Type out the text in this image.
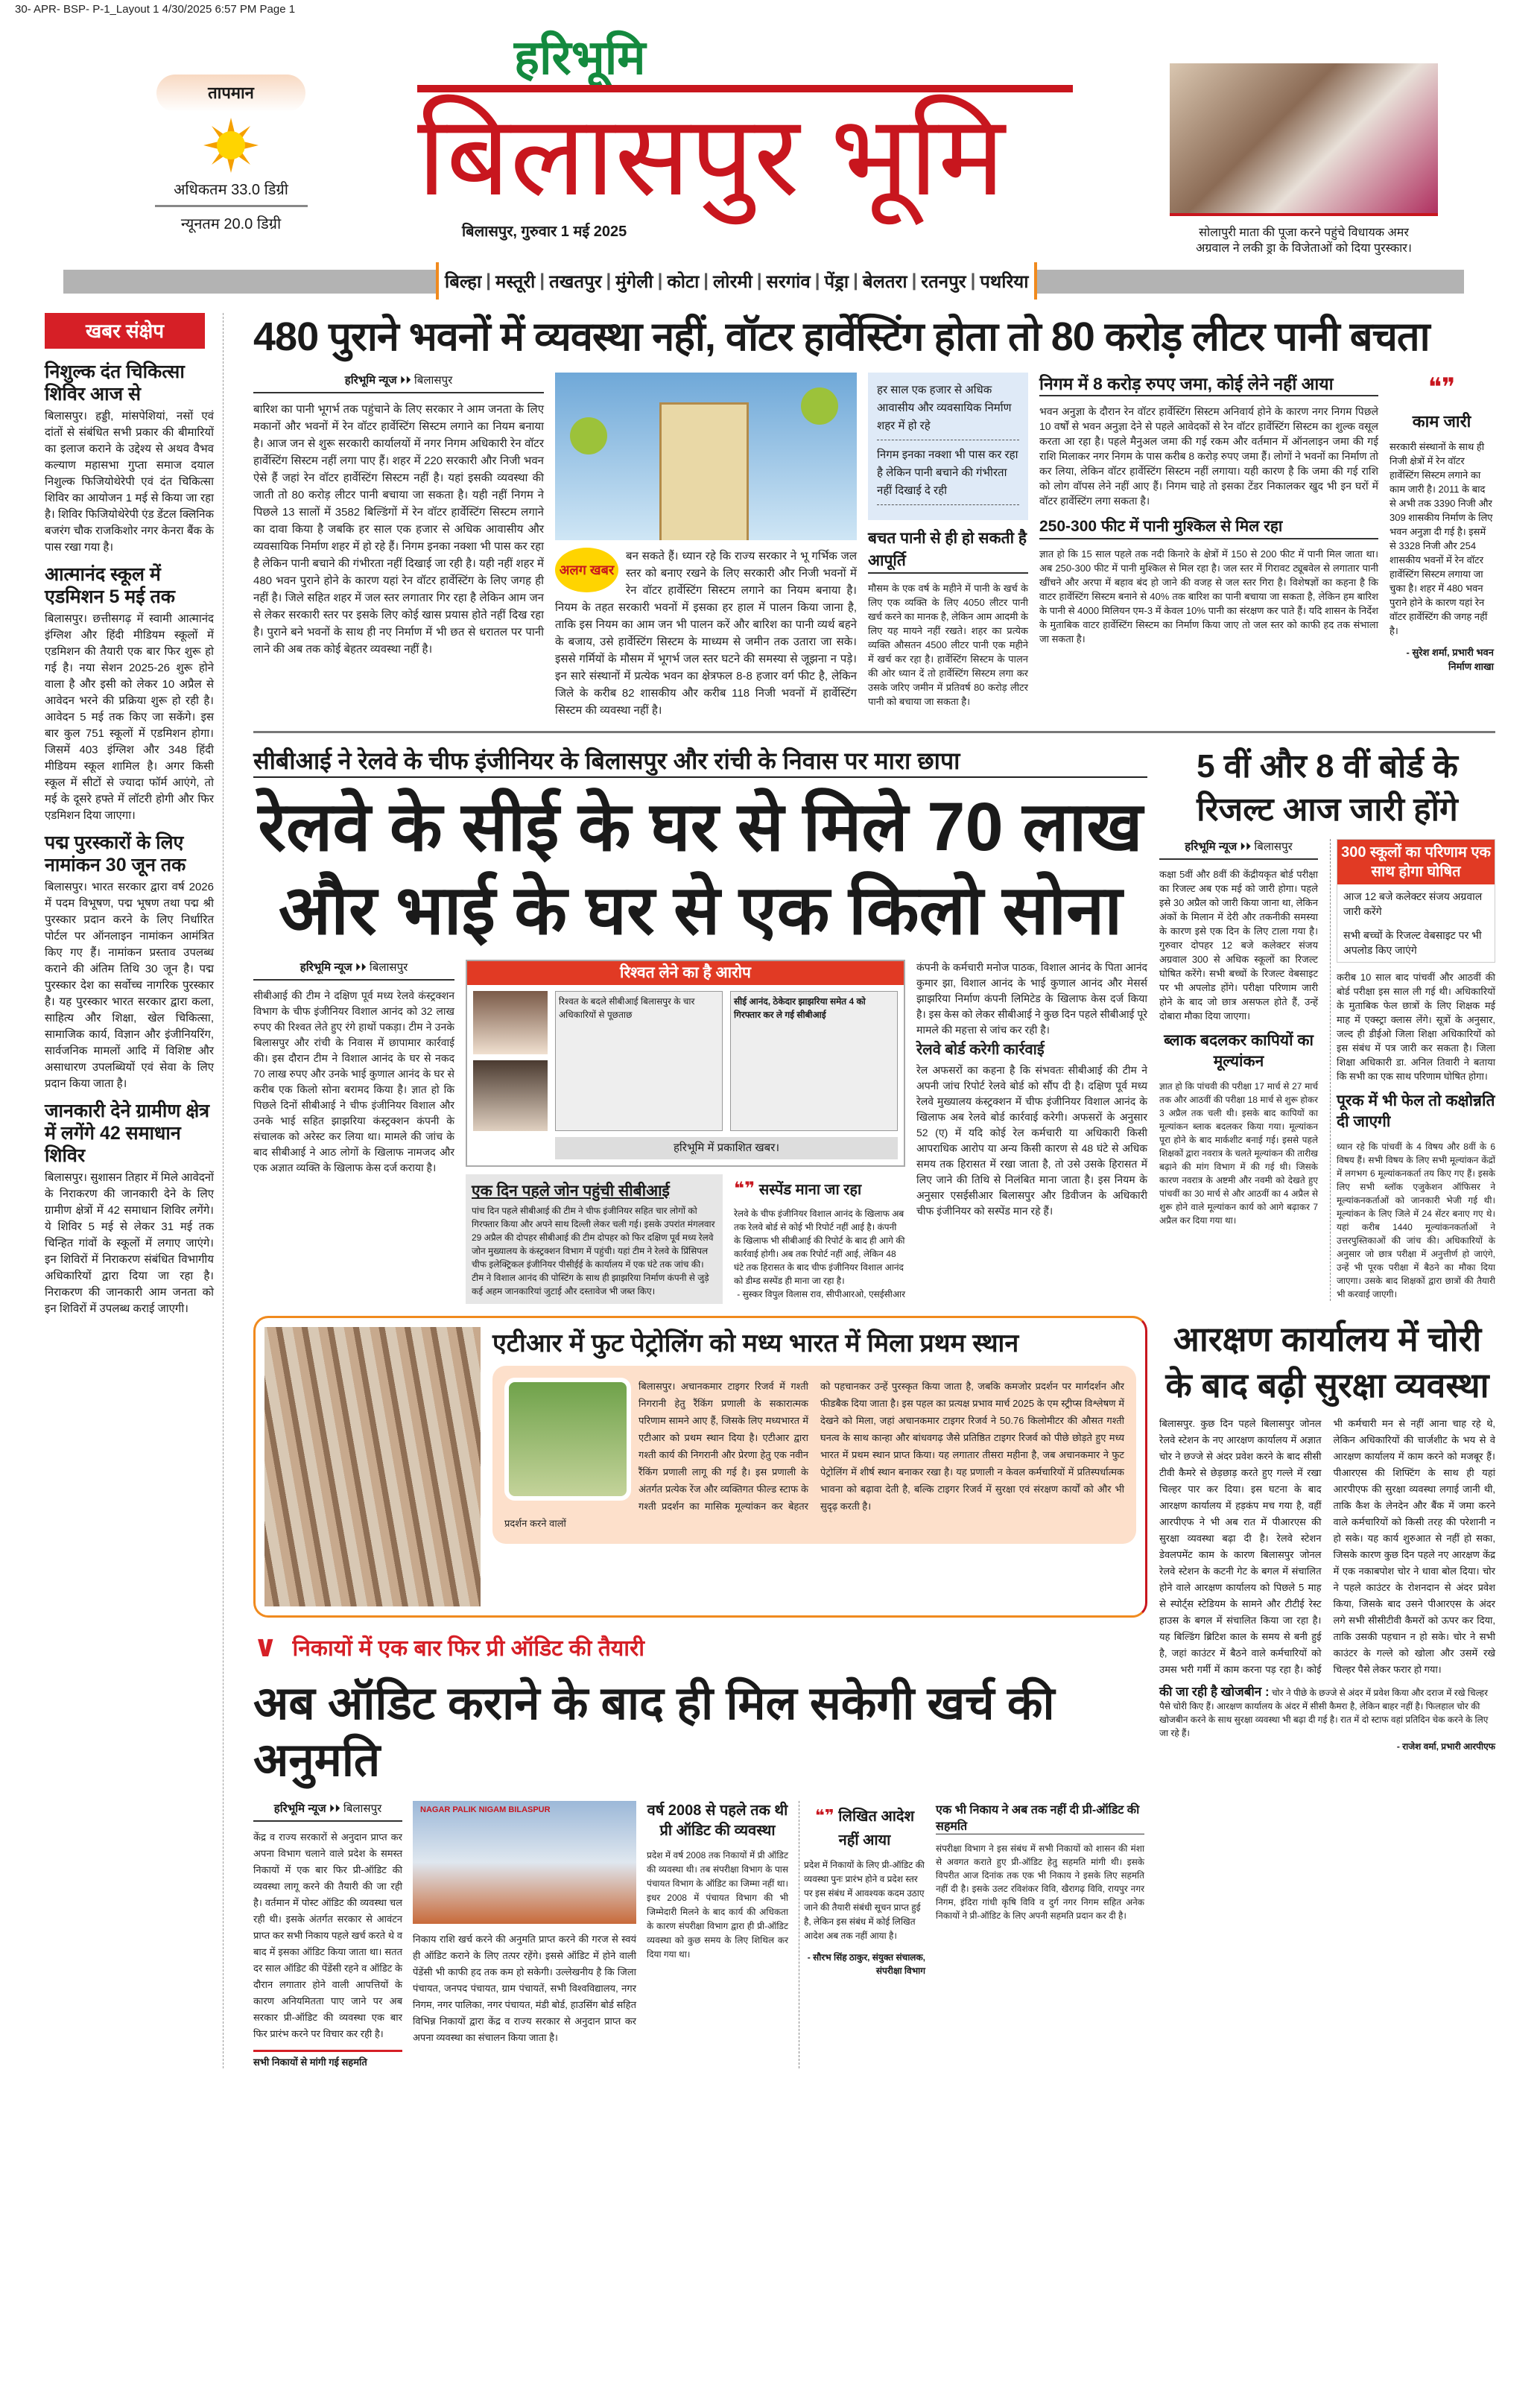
30- APR- BSP- P-1_Layout 1 4/30/2025 6:57 PM Page 1
तापमान
अधिकतम 33.0 डिग्री
न्यूनतम 20.0 डिग्री
हरिभूमि
बिलासपुर भूमि
बिलासपुर, गुरुवार 1 मई 2025	सोलापुरी माता की पूजा करने पहुंचे विधायक अमर अग्रवाल ने लकी ड्रा के विजेताओं को दिया पुरस्कार।
बिल्हा | मस्तूरी | तखतपुर | मुंगेली | कोटा | लोरमी | सरगांव | पेंड्रा | बेलतरा | रतनपुर | पथरिया
खबर संक्षेप
निशुल्क दंत चिकित्सा शिविर आज से

बिलासपुर। हड्डी, मांसपेशियां, नसों एवं दांतों से संबंधित सभी प्रकार की बीमारियों का इलाज कराने के उद्देश्य से अथव वैभव कल्याण महासभा गुप्ता समाज दयाल निशुल्क फिजियोथेरेपी एवं दंत चिकित्सा शिविर का आयोजन 1 मई से किया जा रहा है। शिविर फिजियोथेरेपी एंड डेंटल क्लिनिक बजरंग चौक राजकिशोर नगर केनरा बैंक के पास रखा गया है।

आत्मानंद स्कूल में एडमिशन 5 मई तक

बिलासपुर। छत्तीसगढ़ में स्वामी आत्मानंद इंग्लिश और हिंदी मीडियम स्कूलों में एडमिशन की तैयारी एक बार फिर शुरू हो गई है। नया सेशन 2025-26 शुरू होने वाला है और इसी को लेकर 10 अप्रैल से आवेदन भरने की प्रक्रिया शुरू हो रही है। आवेदन 5 मई तक किए जा सकेंगे। इस बार कुल 751 स्कूलों में एडमिशन होगा। जिसमें 403 इंग्लिश और 348 हिंदी मीडियम स्कूल शामिल है। अगर किसी स्कूल में सीटों से ज्यादा फॉर्म आएंगे, तो मई के दूसरे हफ्ते में लॉटरी होगी और फिर एडमिशन दिया जाएगा।

पद्म पुरस्कारों के लिए नामांकन 30 जून तक

बिलासपुर। भारत सरकार द्वारा वर्ष 2026 में पदम विभूषण, पद्म भूषण तथा पद्म श्री पुरस्कार प्रदान करने के लिए निर्धारित पोर्टल पर ऑनलाइन नामांकन आमंत्रित किए गए हैं। नामांकन प्रस्ताव उपलब्ध कराने की अंतिम तिथि 30 जून है। पद्म पुरस्कार देश का सर्वोच्च नागरिक पुरस्कार है। यह पुरस्कार भारत सरकार द्वारा कला, साहित्य और शिक्षा, खेल चिकित्सा, सामाजिक कार्य, विज्ञान और इंजीनियरिंग, सार्वजनिक मामलों आदि में विशिष्ट और असाधारण उपलब्धियों एवं सेवा के लिए प्रदान किया जाता है।

जानकारी देने ग्रामीण क्षेत्र में लगेंगे 42 समाधान शिविर

बिलासपुर। सुशासन तिहार में मिले आवेदनों के निराकरण की जानकारी देने के लिए ग्रामीण क्षेत्रों में 42 समाधान शिविर लगेंगे। ये शिविर 5 मई से लेकर 31 मई तक चिन्हित गांवों के स्कूलों में लगाए जाएंगे। इन शिविरों में निराकरण संबंधित विभागीय अधिकारियों द्वारा दिया जा रहा है। निराकरण की जानकारी आम जनता को इन शिविरों में उपलब्ध कराई जाएगी।

480 पुराने भवनों में व्यवस्था नहीं, वॉटर हार्वेस्टिंग होता तो 80 करोड़ लीटर पानी बचता
हरिभूमि न्यूज ⏵⏵ बिलासपुर
बारिश का पानी भूगर्भ तक पहुंचाने के लिए सरकार ने आम जनता के लिए मकानों और भवनों में रेन वॉटर हार्वेस्टिंग सिस्टम लगाने का नियम बनाया है। आज जन से शुरू सरकारी कार्यालयों में नगर निगम अधिकारी रेन वॉटर हार्वेस्टिंग सिस्टम नहीं लगा पाए हैं। शहर में 220 सरकारी और निजी भवन ऐसे हैं जहां रेन वॉटर हार्वेस्टिंग सिस्टम नहीं है। यहां इसकी व्यवस्था की जाती तो 80 करोड़ लीटर पानी बचाया जा सकता है। यही नहीं निगम ने पिछले 13 सालों में 3582 बिल्डिंगों में रेन वॉटर हार्वेस्टिंग सिस्टम लगाने का दावा किया है जबकि हर साल एक हजार से अधिक आवासीय और व्यवसायिक निर्माण शहर में हो रहे हैं। निगम इनका नक्शा भी पास कर रहा है लेकिन पानी बचाने की गंभीरता नहीं दिखाई जा रही है। यही नहीं शहर में 480 भवन पुराने होने के कारण यहां रेन वॉटर हार्वेस्टिंग के लिए जगह ही नहीं है। जिले सहित शहर में जल स्तर लगातार गिर रहा है लेकिन आम जन से लेकर सरकारी स्तर पर इसके लिए कोई खास प्रयास होते नहीं दिख रहा है। पुराने बने भवनों के साथ ही नए निर्माण में भी छत से धरातल पर पानी लाने की अब तक कोई बेहतर व्यवस्था नहीं है।
अलग खबर
बन सकते हैं। ध्यान रहे कि राज्य सरकार ने भू गर्भिक जल स्तर को बनाए रखने के लिए सरकारी और निजी भवनों में रेन वॉटर हार्वेस्टिंग सिस्टम लगाने का नियम बनाया है। नियम के तहत सरकारी भवनों में इसका हर हाल में पालन किया जाना है, ताकि इस नियम का आम जन भी पालन करें और बारिश का पानी व्यर्थ बहने के बजाय, उसे हार्वेस्टिंग सिस्टम के माध्यम से जमीन तक उतारा जा सके। इससे गर्मियों के मौसम में भूगर्भ जल स्तर घटने की समस्या से जूझना न पड़े। इन सारे संस्थानों में प्रत्येक भवन का क्षेत्रफल 8-8 हजार वर्ग फीट है, लेकिन जिले के करीब 82 शासकीय और करीब 118 निजी भवनों में हार्वेस्टिंग सिस्टम की व्यवस्था नहीं है।
हर साल एक हजार से अधिक आवासीय और व्यवसायिक निर्माण शहर में हो रहे
निगम इनका नक्शा भी पास कर रहा है लेकिन पानी बचाने की गंभीरता नहीं दिखाई दे रही
बचत पानी से ही हो सकती है आपूर्ति
मौसम के एक वर्ष के महीने में पानी के खर्च के लिए एक व्यक्ति के लिए 4050 लीटर पानी खर्च करने का मानक है, लेकिन आम आदमी के लिए यह मायने नहीं रखते। शहर का प्रत्येक व्यक्ति औसतन 4500 लीटर पानी एक महीने में खर्च कर रहा है। हार्वेस्टिंग सिस्टम के पालन की ओर ध्यान दें तो हार्वेस्टिंग सिस्टम लगा कर उसके जरिए जमीन में प्रतिवर्ष 80 करोड़ लीटर पानी को बचाया जा सकता है।
निगम में 8 करोड़ रुपए जमा, कोई लेने नहीं आया
भवन अनुज्ञा के दौरान रेन वॉटर हार्वेस्टिंग सिस्टम अनिवार्य होने के कारण नगर निगम पिछले 10 वर्षों से भवन अनुज्ञा देने से पहले आवेदकों से रेन वॉटर हार्वेस्टिंग सिस्टम का शुल्क वसूल करता आ रहा है। पहले मैनुअल जमा की गई रकम और वर्तमान में ऑनलाइन जमा की गई राशि मिलाकर नगर निगम के पास करीब 8 करोड़ रुपए जमा हैं। लोगों ने भवनों का निर्माण तो कर लिया, लेकिन वॉटर हार्वेस्टिंग सिस्टम नहीं लगाया। यही कारण है कि जमा की गई राशि को लोग वॉपस लेने नहीं आए हैं। निगम चाहे तो इसका टेंडर निकालकर खुद भी इन घरों में वॉटर हार्वेस्टिंग लगा सकता है।
250-300 फीट में पानी मुश्किल से मिल रहा
ज्ञात हो कि 15 साल पहले तक नदी किनारे के क्षेत्रों में 150 से 200 फीट में पानी मिल जाता था। अब 250-300 फीट में पानी मुश्किल से मिल रहा है। जल स्तर में गिरावट ट्यूबवेल से लगातार पानी खींचने और अरपा में बहाव बंद हो जाने की वजह से जल स्तर गिरा है। विशेषज्ञों का कहना है कि वाटर हार्वेस्टिंग सिस्टम बनाने से 40% तक बारिश का पानी बचाया जा सकता है, लेकिन हम बारिश के पानी से 4000 मिलियन एम-3 में केवल 10% पानी का संरक्षण कर पाते हैं। यदि शासन के निर्देश के मुताबिक वाटर हार्वेस्टिंग सिस्टम का निर्माण किया जाए तो जल स्तर को काफी हद तक संभाला जा सकता है।
❝❞
काम जारी

सरकारी संस्थानों के साथ ही निजी क्षेत्रों में रेन वॉटर हार्वेस्टिंग सिस्टम लगाने का काम जारी है। 2011 के बाद से अभी तक 3390 निजी और 309 शासकीय निर्माण के लिए भवन अनुज्ञा दी गई है। इसमें से 3328 निजी और 254 शासकीय भवनों में रेन वॉटर हार्वेस्टिंग सिस्टम लगाया जा चुका है। शहर में 480 भवन पुराने होने के कारण यहां रेन वॉटर हार्वेस्टिंग की जगह नहीं है।

- सुरेश शर्मा, प्रभारी भवन निर्माण शाखा

सीबीआई ने रेलवे के चीफ इंजीनियर के बिलासपुर और रांची के निवास पर मारा छापा
रेलवे के सीई के घर से मिले 70 लाख
और भाई के घर से एक किलो सोना
हरिभूमि न्यूज ⏵⏵ बिलासपुर
सीबीआई की टीम ने दक्षिण पूर्व मध्य रेलवे कंस्ट्रक्शन विभाग के चीफ इंजीनियर विशाल आनंद को 32 लाख रुपए की रिश्वत लेते हुए रंगे हाथों पकड़ा। टीम ने उनके बिलासपुर और रांची के निवास में छापामार कार्रवाई की। इस दौरान टीम ने विशाल आनंद के घर से नकद 70 लाख रुपए और उनके भाई कुणाल आनंद के घर से करीब एक किलो सोना बरामद किया है। ज्ञात हो कि पिछले दिनों सीबीआई ने चीफ इंजीनियर विशाल और उनके भाई सहित झाझरिया कंस्ट्रक्शन कंपनी के संचालक को अरेस्ट कर लिया था। मामले की जांच के बाद सीबीआई ने आठ लोगों के खिलाफ नामजद और एक अज्ञात व्यक्ति के खिलाफ केस दर्ज कराया है।
रिश्वत लेने का है आरोप
रिश्वत के बदले सीबीआई बिलासपुर के चार अधिकारियों से पूछताछ
सीई आनंद, ठेकेदार झाझरिया समेत 4 को गिरफ्तार कर ले गई सीबीआई
हरिभूमि में प्रकाशित खबर।
एक दिन पहले जोन पहुंची सीबीआई

पांच दिन पहले सीबीआई की टीम ने चीफ इंजीनियर सहित चार लोगों को गिरफ्तार किया और अपने साथ दिल्ली लेकर चली गई। इसके उपरांत मंगलवार 29 अप्रैल की दोपहर सीबीआई की टीम दोपहर को फिर दक्षिण पूर्व मध्य रेलवे जोन मुख्यालय के कंस्ट्रक्शन विभाग में पहुंची। यहां टीम ने रेलवे के प्रिंसिपल चीफ इलेक्ट्रिकल इंजीनियर पीसीईई के कार्यालय में एक घंटे तक जांच की। टीम ने विशाल आनंद की पोस्टिंग के साथ ही झाझरिया निर्माण कंपनी से जुड़े कई अहम जानकारियां जुटाई और दस्तावेज भी जब्त किए।

❝❞ सस्पेंड माना जा रहा

रेलवे के चीफ इंजीनियर विशाल आनंद के खिलाफ अब तक रेलवे बोर्ड से कोई भी रिपोर्ट नहीं आई है। कंपनी के खिलाफ भी सीबीआई की रिपोर्ट के बाद ही आगे की कार्रवाई होगी। अब तक रिपोर्ट नहीं आई, लेकिन 48 घंटे तक हिरासत के बाद चीफ इंजीनियर विशाल आनंद को डीम्ड सस्पेंड ही माना जा रहा है।

- सुस्कर विपुल विलास राव, सीपीआरओ, एसईसीआर

कंपनी के कर्मचारी मनोज पाठक, विशाल आनंद के पिता आनंद कुमार झा, विशाल आनंद के भाई कुणाल आनंद और मेसर्स झाझरिया निर्माण कंपनी लिमिटेड के खिलाफ केस दर्ज किया है। इस केस को लेकर सीबीआई ने कुछ दिन पहले सीबीआई पूरे मामले की महत्ता से जांच कर रही है।

रेलवे बोर्ड करेगी कार्रवाई

रेल अफसरों का कहना है कि संभवतः सीबीआई की टीम ने अपनी जांच रिपोर्ट रेलवे बोर्ड को सौंप दी है। दक्षिण पूर्व मध्य रेलवे मुख्यालय कंस्ट्रक्शन में चीफ इंजीनियर विशाल आनंद के खिलाफ अब रेलवे बोर्ड कार्रवाई करेगी। अफसरों के अनुसार 52 (ए) में यदि कोई रेल कर्मचारी या अधिकारी किसी आपराधिक आरोप या अन्य किसी कारण से 48 घंटे से अधिक समय तक हिरासत में रखा जाता है, तो उसे उसके हिरासत में लिए जाने की तिथि से निलंबित माना जाता है। इस नियम के अनुसार एसईसीआर बिलासपुर और डिवीजन के अधिकारी चीफ इंजीनियर को सस्पेंड मान रहे हैं।

5 वीं और 8 वीं बोर्ड के रिजल्ट आज जारी होंगे
हरिभूमि न्यूज ⏵⏵ बिलासपुर
कक्षा 5वीं और 8वीं की केंद्रीयकृत बोर्ड परीक्षा का रिजल्ट अब एक मई को जारी होगा। पहले इसे 30 अप्रैल को जारी किया जाना था, लेकिन अंकों के मिलान में देरी और तकनीकी समस्या के कारण इसे एक दिन के लिए टाला गया है। गुरुवार दोपहर 12 बजे कलेक्टर संजय अग्रवाल 300 से अधिक स्कूलों का रिजल्ट घोषित करेंगे। सभी बच्चों के रिजल्ट वेबसाइट पर भी अपलोड होंगे। परीक्षा परिणाम जारी होने के बाद जो छात्र असफल होते हैं, उन्हें दोबारा मौका दिया जाएगा।
ब्लाक बदलकर कापियों का मूल्यांकन
ज्ञात हो कि पांचवी की परीक्षा 17 मार्च से 27 मार्च तक और आठवीं की परीक्षा 18 मार्च से शुरू होकर 3 अप्रैल तक चली थी। इसके बाद कापियों का मूल्यांकन ब्लाक बदलकर किया गया। मूल्यांकन पूरा होने के बाद मार्कशीट बनाई गई। इससे पहले शिक्षकों द्वारा नवरात्र के चलते मूल्यांकन की तारीख बढ़ाने की मांग विभाग में की गई थी। जिसके कारण नवरात्र के अष्टमी और नवमी को देखते हुए पांचवीं का 30 मार्च से और आठवीं का 4 अप्रैल से शुरू होने वाले मूल्यांकन कार्य को आगे बढ़ाकर 7 अप्रैल कर दिया गया था।
300 स्कूलों का परिणाम एक साथ होगा घोषित
आज 12 बजे कलेक्टर संजय अग्रवाल जारी करेंगे
सभी बच्चों के रिजल्ट वेबसाइट पर भी अपलोड किए जाएंगे
करीब 10 साल बाद पांचवीं और आठवीं की बोर्ड परीक्षा इस साल ली गई थी। अधिकारियों के मुताबिक फेल छात्रों के लिए शिक्षक मई माह में एक्स्ट्रा क्लास लेंगे। सूत्रों के अनुसार, जल्द ही डीईओ जिला शिक्षा अधिकारियों को इस संबंध में पत्र जारी कर सकता है। जिला शिक्षा अधिकारी डा. अनिल तिवारी ने बताया कि सभी का एक साथ परिणाम घोषित होगा।
पूरक में भी फेल तो कक्षोन्नति दी जाएगी
ध्यान रहे कि पांचवीं के 4 विषय और 8वीं के 6 विषय हैं। सभी विषय के लिए सभी मूल्यांकन केंद्रों में लगभग 6 मूल्यांकनकर्ता तय किए गए हैं। इसके लिए सभी ब्लॉक एजुकेशन ऑफिसर ने मूल्यांकनकर्ताओं को जानकारी भेजी गई थी। मूल्यांकन के लिए जिले में 24 सेंटर बनाए गए थे। यहां करीब 1440 मूल्यांकनकर्ताओं ने उत्तरपुस्तिकाओं की जांच की। अधिकारियों के अनुसार जो छात्र परीक्षा में अनुत्तीर्ण हो जाएंगे, उन्हें भी पूरक परीक्षा में बैठने का मौका दिया जाएगा। उसके बाद शिक्षकों द्वारा छात्रों की तैयारी भी करवाई जाएगी।
एटीआर में फुट पेट्रोलिंग को मध्य भारत में मिला प्रथम स्थान
बिलासपुर। अचानकमार टाइगर रिजर्व में गश्ती निगरानी हेतु रैंकिंग प्रणाली के सकारात्मक परिणाम सामने आए हैं, जिसके लिए मध्यभारत में एटीआर को प्रथम स्थान दिया है। एटीआर द्वारा गश्ती कार्य की निगरानी और प्रेरणा हेतु एक नवीन रैंकिंग प्रणाली लागू की गई है। इस प्रणाली के अंतर्गत प्रत्येक रेंज और व्यक्तिगत फील्ड स्टाफ के गश्ती प्रदर्शन का मासिक मूल्यांकन कर बेहतर प्रदर्शन करने वालों
को पहचानकर उन्हें पुरस्कृत किया जाता है, जबकि कमजोर प्रदर्शन पर मार्गदर्शन और फीडबैक दिया जाता है। इस पहल का प्रत्यक्ष प्रभाव मार्च 2025 के एम स्ट्रीप्स विश्लेषण में देखने को मिला, जहां अचानकमार टाइगर रिजर्व ने 50.76 किलोमीटर की औसत गश्ती घनत्व के साथ कान्हा और बांधवगढ़ जैसे प्रतिष्ठित टाइगर रिजर्व को पीछे छोड़ते हुए मध्य भारत में प्रथम स्थान प्राप्त किया। यह लगातार तीसरा महीना है, जब अचानकमार ने फुट पेट्रोलिंग में शीर्ष स्थान बनाकर रखा है। यह प्रणाली न केवल कर्मचारियों में प्रतिस्पर्धात्मक भावना को बढ़ावा देती है, बल्कि टाइगर रिजर्व में सुरक्षा एवं संरक्षण कार्यों को और भी सुदृढ़ करती है।
∨ निकायों में एक बार फिर प्री ऑडिट की तैयारी
अब ऑडिट कराने के बाद ही मिल सकेगी खर्च की अनुमति
हरिभूमि न्यूज ⏵⏵ बिलासपुर
केंद्र व राज्य सरकारों से अनुदान प्राप्त कर अपना विभाग चलाने वाले प्रदेश के समस्त निकायों में एक बार फिर प्री-ऑडिट की व्यवस्था लागू करने की तैयारी की जा रही है। वर्तमान में पोस्ट ऑडिट की व्यवस्था चल रही थी। इसके अंतर्गत सरकार से आवंटन प्राप्त कर सभी निकाय पहले खर्च करते थे व बाद में इसका ऑडिट किया जाता था। सतत दर साल ऑडिट की पेंडेंसी रहने व ऑडिट के दौरान लगातार होने वाली आपत्तियों के कारण अनियमितता पाए जाने पर अब सरकार प्री-ऑडिट की व्यवस्था एक बार फिर प्रारंभ करने पर विचार कर रही है।
सभी निकायों से मांगी गई सहमति
NAGAR PALIK NIGAM BILASPUR
निकाय राशि खर्च करने की अनुमति प्राप्त करने की गरज से स्वयं ही ऑडिट कराने के लिए तत्पर रहेंगे। इससे ऑडिट में होने वाली पेंडेंसी भी काफी हद तक कम हो सकेगी। उल्लेखनीय है कि जिला पंचायत, जनपद पंचायत, ग्राम पंचायतें, सभी विश्वविद्यालय, नगर निगम, नगर पालिका, नगर पंचायत, मंडी बोर्ड, हाउसिंग बोर्ड सहित विभिन्न निकायों द्वारा केंद्र व राज्य सरकार से अनुदान प्राप्त कर अपना व्यवस्था का संचालन किया जाता है।
वर्ष 2008 से पहले तक थी प्री ऑडिट की व्यवस्था
प्रदेश में वर्ष 2008 तक निकायों में प्री ऑडिट की व्यवस्था थी। तब संपरीक्षा विभाग के पास पंचायत विभाग के ऑडिट का जिम्मा नहीं था। इधर 2008 में पंचायत विभाग की भी जिम्मेदारी मिलने के बाद कार्य की अधिकता के कारण संपरीक्षा विभाग द्वारा ही प्री-ऑडिट व्यवस्था को कुछ समय के लिए शिथिल कर दिया गया था।
❝❞ लिखित आदेश नहीं आया

प्रदेश में निकायों के लिए प्री-ऑडिट की व्यवस्था पुनः प्रारंभ होने व प्रदेश स्तर पर इस संबंध में आवश्यक कदम उठाए जाने की तैयारी संबंधी सूचन प्राप्त हुई है, लेकिन इस संबंध में कोई लिखित आदेश अब तक नहीं आया है।

- सौरभ सिंह ठाकुर, संयुक्त संचालक, संपरीक्षा विभाग

एक भी निकाय ने अब तक नहीं दी प्री-ऑडिट की सहमति
संपरीक्षा विभाग ने इस संबंध में सभी निकायों को शासन की मंशा से अवगत कराते हुए प्री-ऑडिट हेतु सहमति मांगी थी। इसके विपरीत आज दिनांक तक एक भी निकाय ने इसके लिए सहमति नहीं दी है। इसके उलट रविशंकर विवि, खैरागढ़ विवि, रायपुर नगर निगम, इंदिरा गांधी कृषि विवि व दुर्ग नगर निगम सहित अनेक निकायों ने प्री-ऑडिट के लिए अपनी सहमति प्रदान कर दी है।
आरक्षण कार्यालय में चोरी के बाद बढ़ी सुरक्षा व्यवस्था
बिलासपुर. कुछ दिन पहले बिलासपुर जोनल रेलवे स्टेशन के नए आरक्षण कार्यालय में अज्ञात चोर ने छज्जे से अंदर प्रवेश करने के बाद सीसी टीवी कैमरे से छेड़छाड़ करते हुए गल्ले में रखा चिल्हर पार कर दिया। इस घटना के बाद आरक्षण कार्यालय में हड़कंप मच गया है, वहीं आरपीएफ ने भी अब रात में पीआरएस की सुरक्षा व्यवस्था बढ़ा दी है। रेलवे स्टेशन डेवलपमेंट काम के कारण बिलासपुर जोनल रेलवे स्टेशन के कटनी गेट के बगल में संचालित होने वाले आरक्षण कार्यालय को पिछले 5 माह से स्पोर्ट्स स्टेडियम के सामने और टीटीई रेस्ट हाउस के बगल में संचालित किया जा रहा है। यह बिल्डिंग ब्रिटिश काल के समय से बनी हुई है, जहां काउंटर में बैठने वाले कर्मचारियों को उमस भरी गर्मी में काम करना पड़ रहा है। कोई भी कर्मचारी मन से नहीं आना चाह रहे थे, लेकिन अधिकारियों की चार्जशीट के भय से वे आरक्षण कार्यालय में काम करने को मजबूर हैं। पीआरएस की शिफ्टिंग के साथ ही यहां आरपीएफ की सुरक्षा व्यवस्था लगाई जानी थी, ताकि कैश के लेनदेन और बैंक में जमा करने वाले कर्मचारियों को किसी तरह की परेशानी न हो सके। यह कार्य शुरुआत से नहीं हो सका, जिसके कारण कुछ दिन पहले नए आरक्षण केंद्र में एक नकाबपोश चोर ने धावा बोल दिया। चोर ने पहले काउंटर के रोशनदान से अंदर प्रवेश किया, जिसके बाद उसने पीआरएस के अंदर लगे सभी सीसीटीवी कैमरों को ऊपर कर दिया, ताकि उसकी पहचान न हो सके। चोर ने सभी काउंटर के गल्ले को खोला और उसमें रखे चिल्हर पैसे लेकर फरार हो गया।

की जा रही है खोजबीन : चोर ने पीछे के छज्जे से अंदर में प्रवेश किया और दराज में रखे चिल्हर पैसे चोरी किए हैं। आरक्षण कार्यालय के अंदर में सीसी कैमरा है, लेकिन बाहर नहीं है। फिलहाल चोर की खोजबीन करने के साथ सुरक्षा व्यवस्था भी बढ़ा दी गई है। रात में दो स्टाफ वहां प्रतिदिन चेक करने के लिए जा रहे हैं।

- राजेश वर्मा, प्रभारी आरपीएफ
